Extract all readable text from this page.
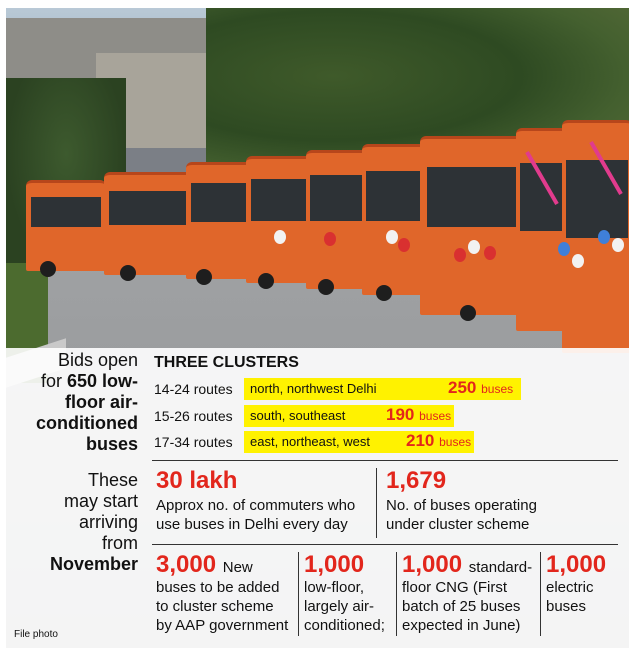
Bids open
for 650 low-
floor air-
conditioned
buses
These
may start
arriving
from
November
THREE CLUSTERS
14-24 routes	north, northwest Delhi	250 buses
15-26 routes	south, southeast 190 buses
17-34 routes	east, northeast, west 210 buses
30 lakh
Approx no. of commuters who
use buses in Delhi every day
1,679
No. of buses operating
under cluster scheme
3,000 New
buses to be added
to cluster scheme
by AAP government
1,000
low-floor,
largely air-
conditioned;
1,000 standard-
floor CNG (First
batch of 25 buses
expected in June)
1,000
electric
buses
File photo
